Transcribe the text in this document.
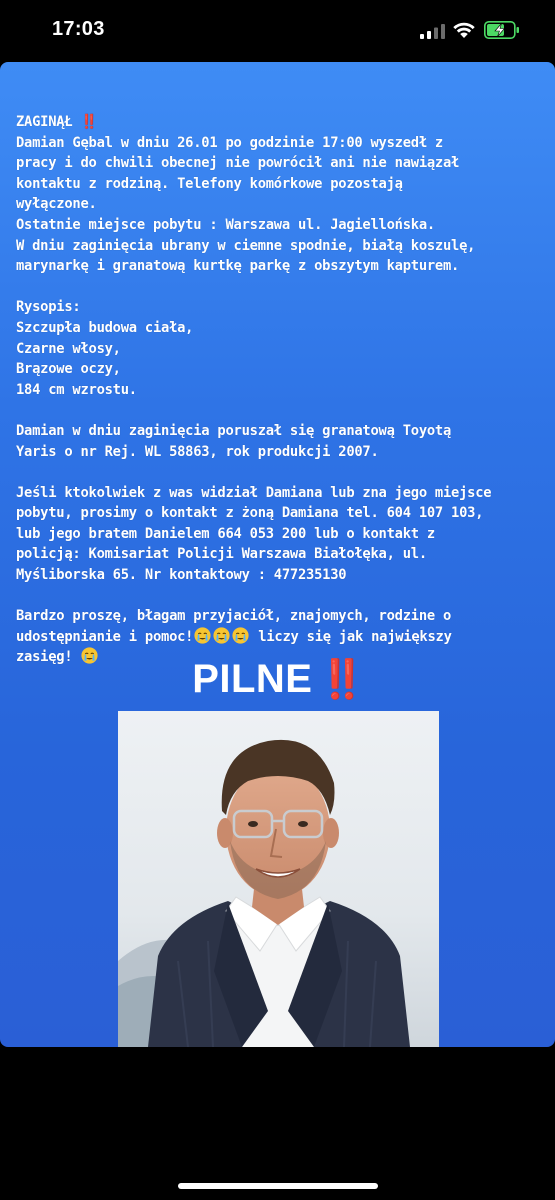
17:03
ZAGINĄŁ ‼️
Damian Gębal w dniu 26.01 po godzinie 17:00 wyszedł z
pracy i do chwili obecnej nie powrócił ani nie nawiązał
kontaktu z rodziną. Telefony komórkowe pozostają
wyłączone.
Ostatnie miejsce pobytu : Warszawa ul. Jagiellońska.
W dniu zaginięcia ubrany w ciemne spodnie, białą koszulę,
marynarkę i granatową kurtkę parkę z obszytym kapturem.
Rysopis:
Szczupła budowa ciała,
Czarne włosy,
Brązowe oczy,
184 cm wzrostu.
Damian w dniu zaginięcia poruszał się granatową Toyotą
Yaris o nr Rej. WL 58863, rok produkcji 2007.
Jeśli ktokolwiek z was widział Damiana lub zna jego miejsce
pobytu, prosimy o kontakt z żoną Damiana tel. 604 107 103,
lub jego bratem Danielem 664 053 200 lub o kontakt z
policją: Komisariat Policji Warszawa Białołęka, ul.
Myśliborska 65. Nr kontaktowy : 477235130
Bardzo proszę, błagam przyjaciół, znajomych, rodzine o
udostępnianie i pomoc!	liczy się jak największy
zasięg!	PILNE ‼️
